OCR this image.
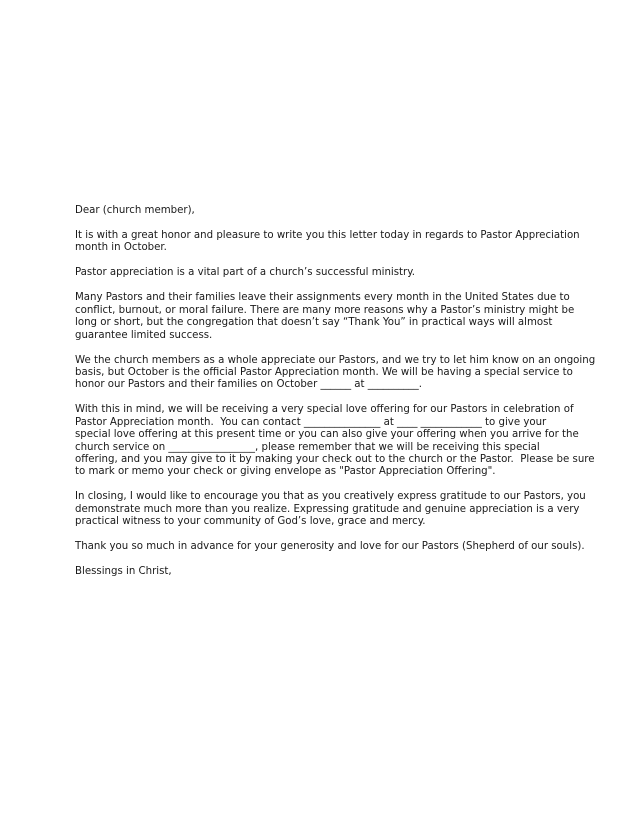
Dear (church member),

It is with a great honor and pleasure to write you this letter today in regards to Pastor Appreciation
month in October.

Pastor appreciation is a vital part of a church’s successful ministry.

Many Pastors and their families leave their assignments every month in the United States due to
conflict, burnout, or moral failure. There are many more reasons why a Pastor’s ministry might be
long or short, but the congregation that doesn’t say “Thank You” in practical ways will almost
guarantee limited success.

We the church members as a whole appreciate our Pastors, and we try to let him know on an ongoing
basis, but October is the official Pastor Appreciation month. We will be having a special service to
honor our Pastors and their families on October ______ at __________.

With this in mind, we will be receiving a very special love offering for our Pastors in celebration of
Pastor Appreciation month.  You can contact _______________ at ____ ____________ to give your
special love offering at this present time or you can also give your offering when you arrive for the
church service on _________________, please remember that we will be receiving this special
offering, and you may give to it by making your check out to the church or the Pastor.  Please be sure
to mark or memo your check or giving envelope as "Pastor Appreciation Offering".

In closing, I would like to encourage you that as you creatively express gratitude to our Pastors, you
demonstrate much more than you realize. Expressing gratitude and genuine appreciation is a very
practical witness to your community of God’s love, grace and mercy.

Thank you so much in advance for your generosity and love for our Pastors (Shepherd of our souls).

Blessings in Christ,
